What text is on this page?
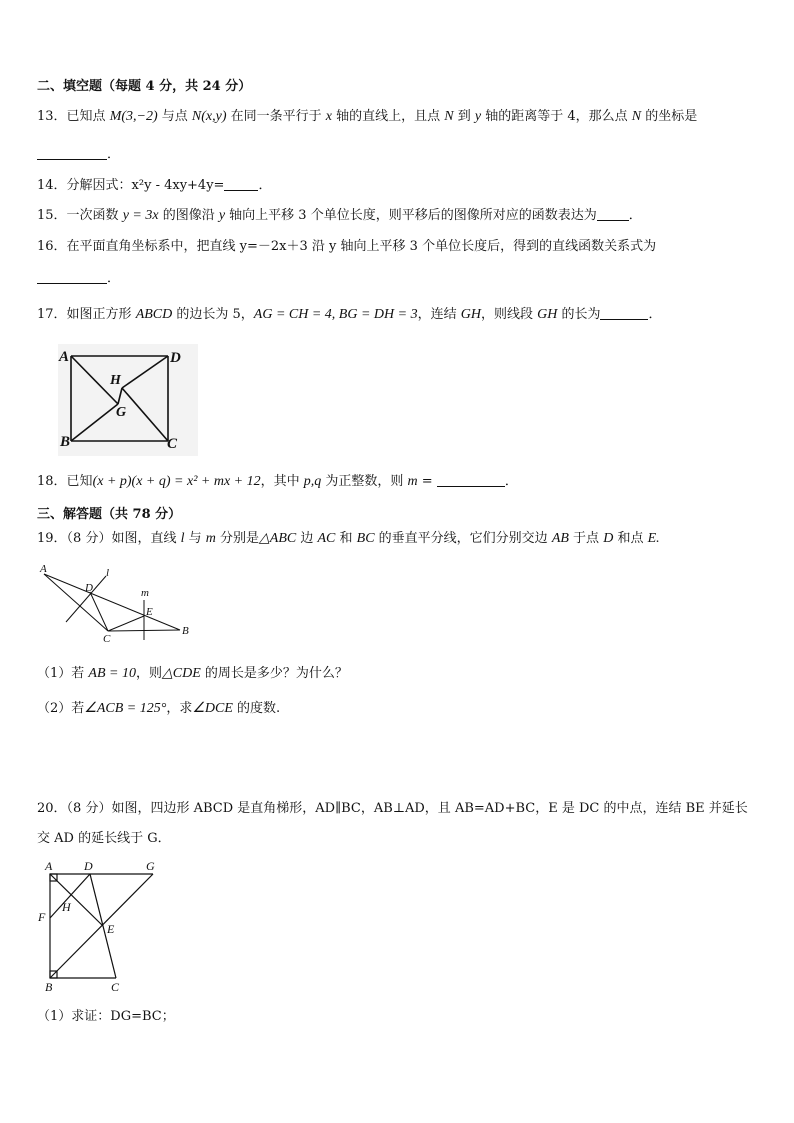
二、填空题（每题 4 分，共 24 分）
13．已知点 M(3,−2) 与点 N(x,y) 在同一条平行于 x 轴的直线上，且点 N 到 y 轴的距离等于 4，那么点 N 的坐标是
．
14．分解因式：x²y - 4xy+4y=	．
15．一次函数 y = 3x 的图像沿 y 轴向上平移 3 个单位长度，则平移后的图像所对应的函数表达为 ．
16．在平面直角坐标系中，把直线 y=－2x＋3 沿 y 轴向上平移 3 个单位长度后，得到的直线函数关系式为
．
17．如图正方形 ABCD 的边长为 5，AG = CH = 4, BG = DH = 3，连结 GH，则线段 GH 的长为	．
A	D
B	C
H
G
18．已知(x + p)(x + q) = x² + mx + 12，其中 p,q 为正整数，则 m =	．
三、解答题（共 78 分）
19．（8 分）如图，直线 l 与 m 分别是△ABC 边 AC 和 BC 的垂直平分线，它们分别交边 AB 于点 D 和点 E.
A
D
l
m
E
C
B
（1）若 AB = 10，则△CDE 的周长是多少？为什么？
（2）若∠ACB = 125°，求∠DCE 的度数.
20．（8 分）如图，四边形 ABCD 是直角梯形，AD∥BC，AB⊥AD，且 AB=AD+BC，E 是 DC 的中点，连结 BE 并延长
交 AD 的延长线于 G．
A	D	G
H
F
E
B	C
（1）求证：DG=BC；
